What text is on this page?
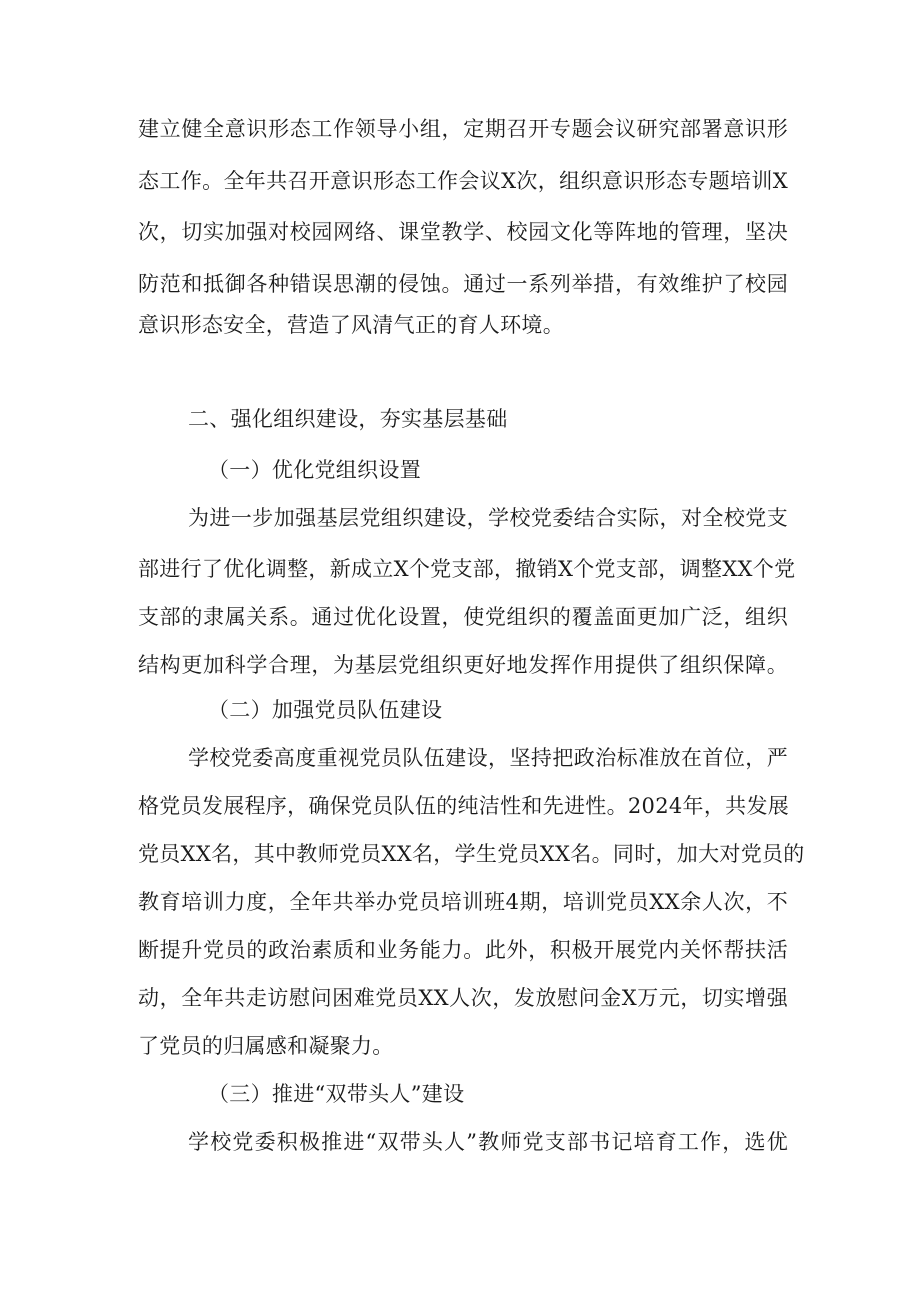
建立健全意识形态工作领导小组，定期召开专题会议研究部署意识形
态工作。全年共召开意识形态工作会议X次，组织意识形态专题培训X
次，切实加强对校园网络、课堂教学、校园文化等阵地的管理，坚决
防范和抵御各种错误思潮的侵蚀。通过一系列举措，有效维护了校园
意识形态安全，营造了风清气正的育人环境。
二、强化组织建设，夯实基层基础
（一）优化党组织设置
为进一步加强基层党组织建设，学校党委结合实际，对全校党支
部进行了优化调整，新成立X个党支部，撤销X个党支部，调整XX个党
支部的隶属关系。通过优化设置，使党组织的覆盖面更加广泛，组织
结构更加科学合理，为基层党组织更好地发挥作用提供了组织保障。
（二）加强党员队伍建设
学校党委高度重视党员队伍建设，坚持把政治标准放在首位，严
格党员发展程序，确保党员队伍的纯洁性和先进性。2024年，共发展
党员XX名，其中教师党员XX名，学生党员XX名。同时，加大对党员的
教育培训力度，全年共举办党员培训班4期，培训党员XX余人次，不
断提升党员的政治素质和业务能力。此外，积极开展党内关怀帮扶活
动，全年共走访慰问困难党员XX人次，发放慰问金X万元，切实增强
了党员的归属感和凝聚力。
（三）推进“双带头人”建设
学校党委积极推进“双带头人”教师党支部书记培育工作，选优
